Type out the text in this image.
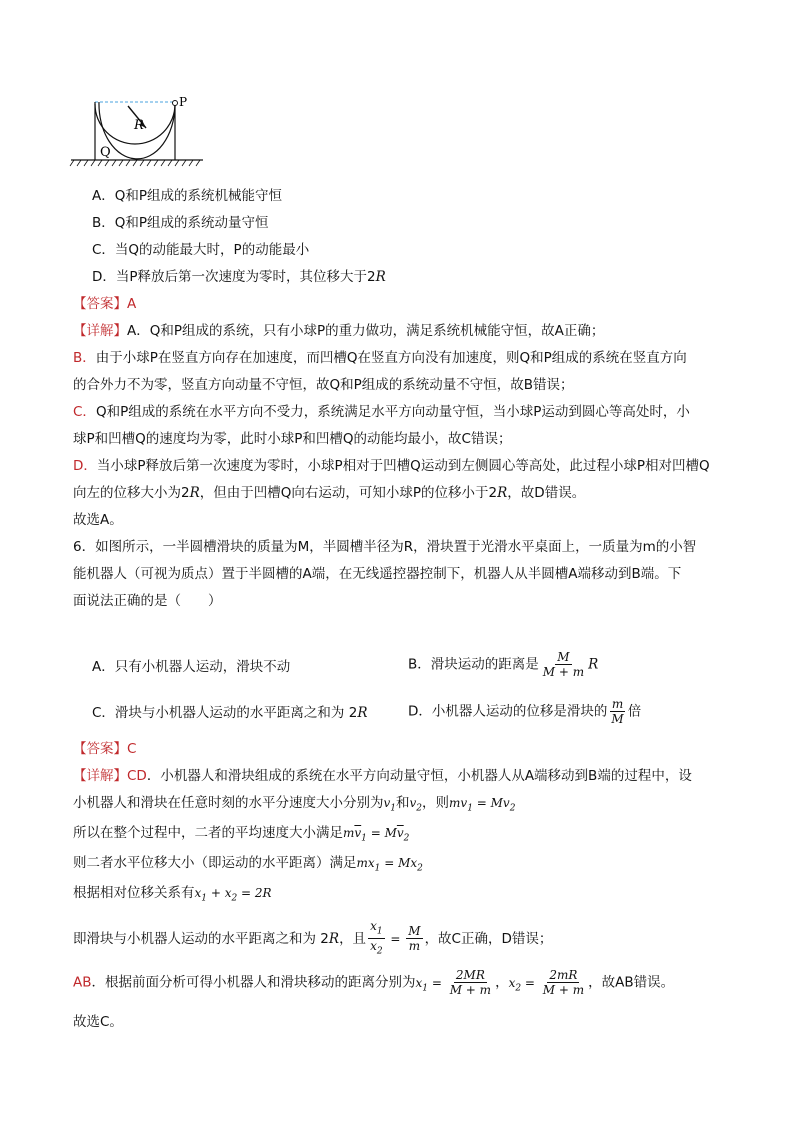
P
R
Q
A．Q和P组成的系统机械能守恒
B．Q和P组成的系统动量守恒
C．当Q的动能最大时，P的动能最小
D．当P释放后第一次速度为零时，其位移大于2R
【答案】A
【详解】A．Q和P组成的系统，只有小球P的重力做功，满足系统机械能守恒，故A正确；
B．由于小球P在竖直方向存在加速度，而凹槽Q在竖直方向没有加速度，则Q和P组成的系统在竖直方向
的合外力不为零，竖直方向动量不守恒，故Q和P组成的系统动量不守恒，故B错误；
C．Q和P组成的系统在水平方向不受力，系统满足水平方向动量守恒，当小球P运动到圆心等高处时，小
球P和凹槽Q的速度均为零，此时小球P和凹槽Q的动能均最小，故C错误；
D．当小球P释放后第一次速度为零时，小球P相对于凹槽Q运动到左侧圆心等高处，此过程小球P相对凹槽Q
向左的位移大小为2R，但由于凹槽Q向右运动，可知小球P的位移小于2R，故D错误。
故选A。
6．如图所示，一半圆槽滑块的质量为M，半圆槽半径为R，滑块置于光滑水平桌面上，一质量为m的小智
能机器人（可视为质点）置于半圆槽的A端，在无线遥控器控制下，机器人从半圆槽A端移动到B端。下
面说法正确的是（　　）
A．只有小机器人运动，滑块不动	B．滑块运动的距离是 $\frac{M}{M + m}$ R
C．滑块与小机器人运动的水平距离之和为 2R	D．小机器人运动的位移是滑块的 $\frac{m}{M}$ 倍
【答案】C
【详解】CD．小机器人和滑块组成的系统在水平方向动量守恒，小机器人从A端移动到B端的过程中，设
小机器人和滑块在任意时刻的水平分速度大小分别为$v_1$和$v_2$，则$mv_1 = Mv_2$
所以在整个过程中，二者的平均速度大小满足$m\overline{v}_1 = M\overline{v}_2$
则二者水平位移大小（即运动的水平距离）满足$mx_1 = Mx_2$
根据相对位移关系有$x_1 + x_2 = 2R$
即滑块与小机器人运动的水平距离之和为 2R，且 $\frac{x_1}{x_2} = \frac{M}{m}$ ，故C正确，D错误；
AB．根据前面分析可得小机器人和滑块移动的距离分别为$x_1 = \frac{2MR}{M + m}$ ，$x_2 = \frac{2mR}{M + m}$ ，故AB错误。
故选C。
